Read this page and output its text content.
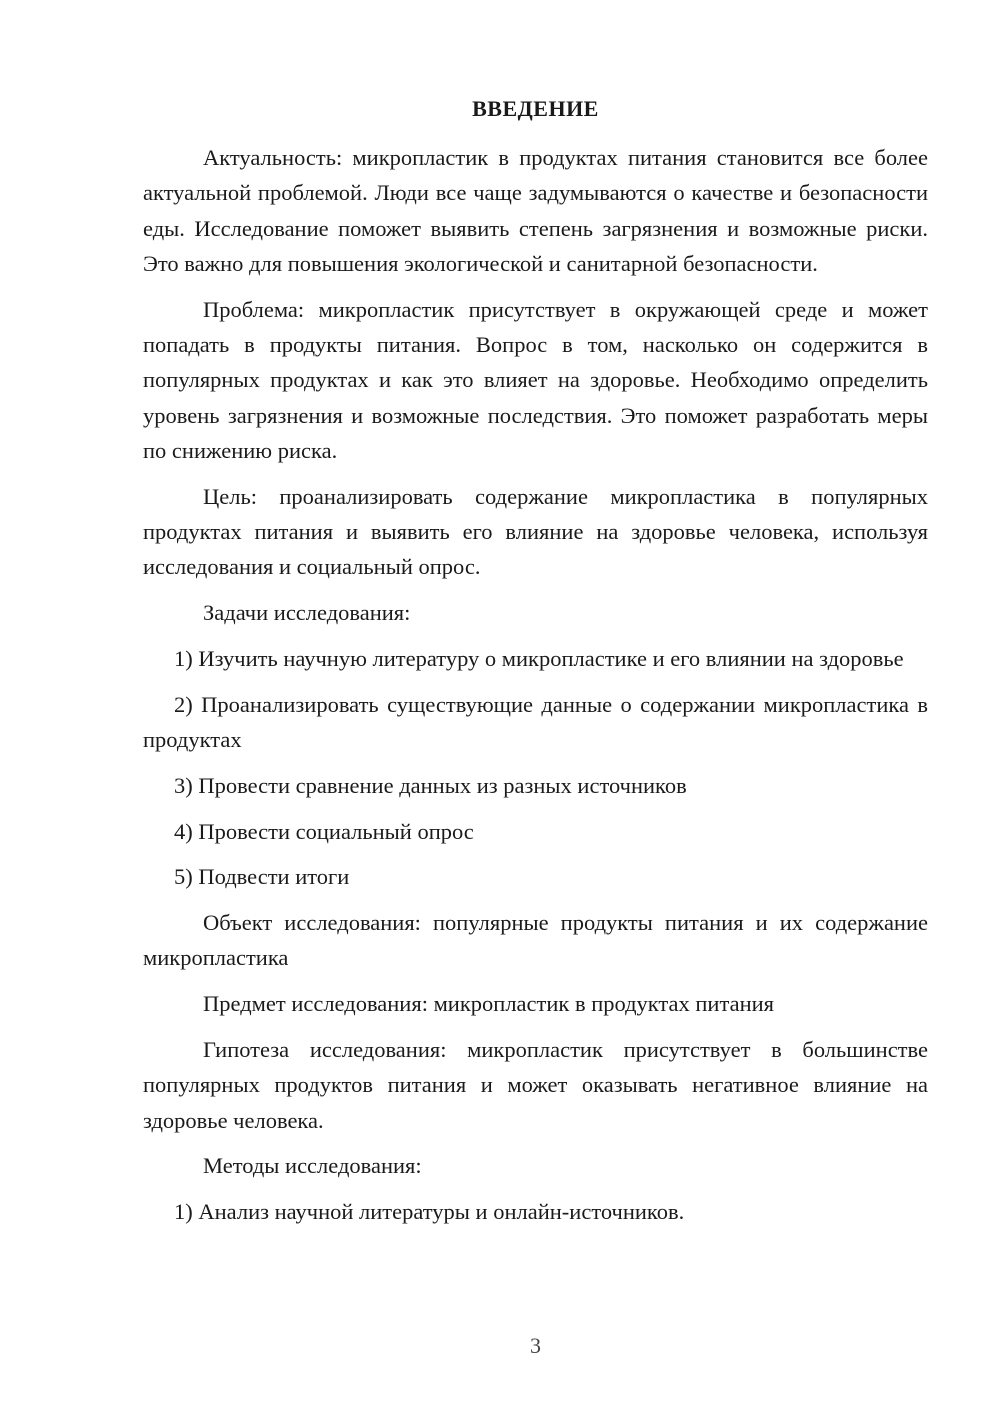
ВВЕДЕНИЕ

Актуальность: микропластик в продуктах питания становится все более актуальной проблемой. Люди все чаще задумываются о качестве и безопасности еды. Исследование поможет выявить степень загрязнения и возможные риски. Это важно для повышения экологической и санитарной безопасности.

Проблема: микропластик присутствует в окружающей среде и может попадать в продукты питания. Вопрос в том, насколько он содержится в популярных продуктах и как это влияет на здоровье. Необходимо определить уровень загрязнения и возможные последствия. Это поможет разработать меры по снижению риска.

Цель: проанализировать содержание микропластика в популярных продуктах питания и выявить его влияние на здоровье человека, используя исследования и социальный опрос.

Задачи исследования:

1) Изучить научную литературу о микропластике и его влиянии на здоровье

2) Проанализировать существующие данные о содержании микропластика в продуктах

3) Провести сравнение данных из разных источников

4) Провести социальный опрос

5) Подвести итоги

Объект исследования: популярные продукты питания и их содержание микропластика

Предмет исследования: микропластик в продуктах питания

Гипотеза исследования: микропластик присутствует в большинстве популярных продуктов питания и может оказывать негативное влияние на здоровье человека.

Методы исследования:

1) Анализ научной литературы и онлайн-источников.

3
